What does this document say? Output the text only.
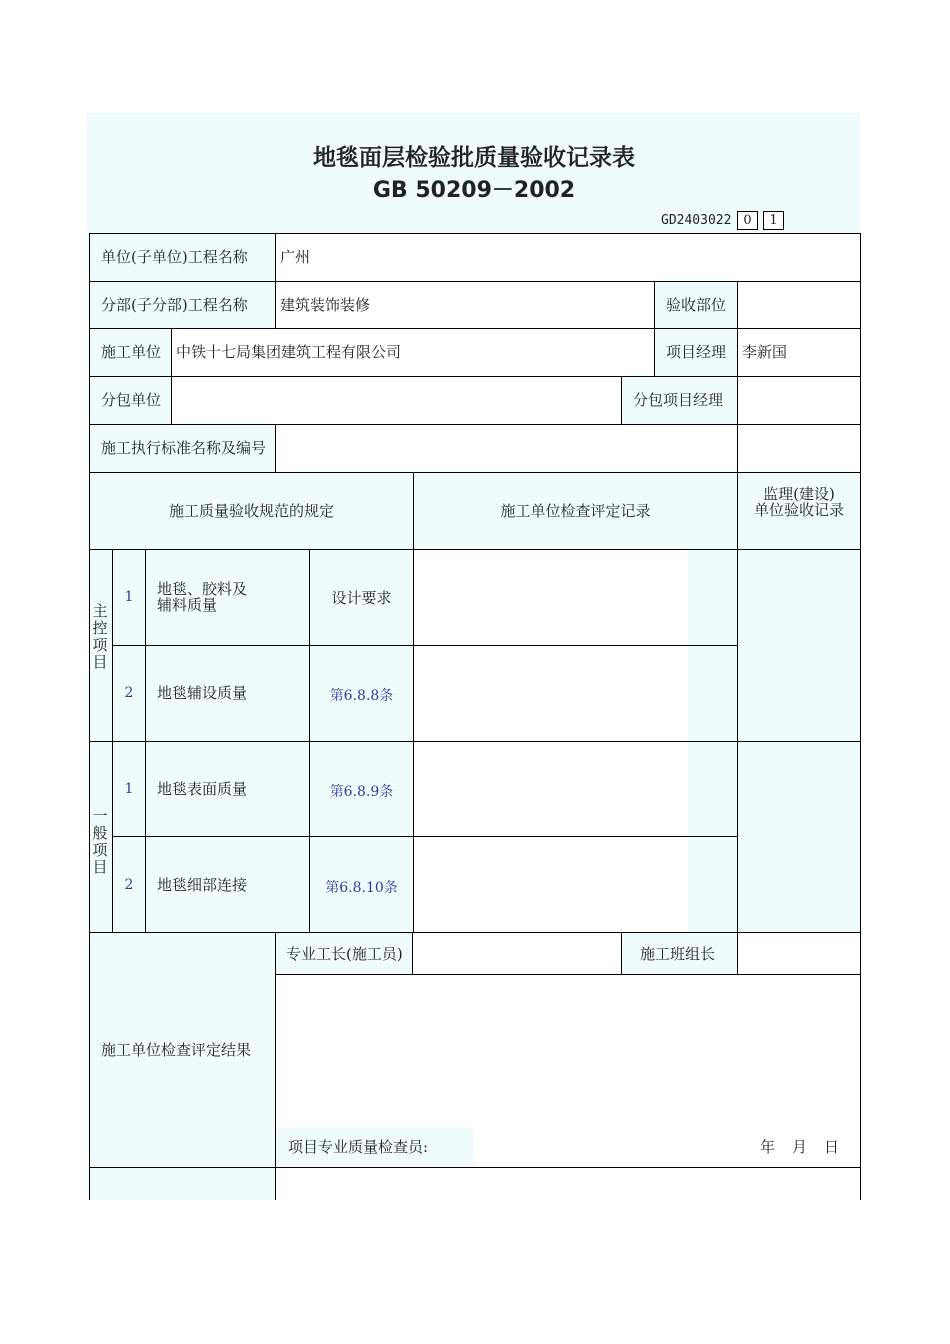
地毯面层检验批质量验收记录表
GB 50209－2002
GD2403022 0	1
单位(子单位)工程名称 广州
分部(子分部)工程名称 建筑装饰装修	验收部位
施工单位 中铁十七局集团建筑工程有限公司	项目经理 李新国
分包单位	分包项目经理
施工执行标准名称及编号
施工质量验收规范的规定	施工单位检查评定记录
监理(建设)
单位验收记录
主控项目
1	地毯、胶料及
辅料质量	设计要求
2	地毯辅设质量	第6.8.8条
一般项目
1	地毯表面质量	第6.8.9条
2	地毯细部连接	第6.8.10条
施工单位检查评定结果
专业工长(施工员)	施工班组长
项目专业质量检查员:	年 月 日
